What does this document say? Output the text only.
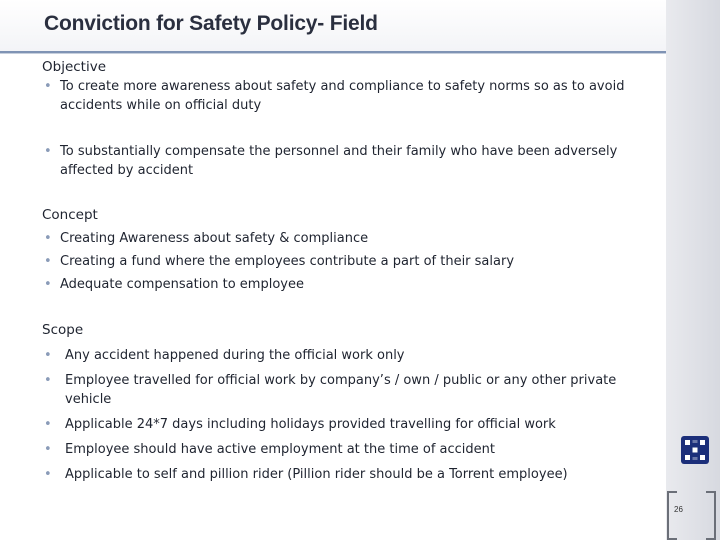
Conviction for Safety Policy- Field
Objective
• To create more awareness about safety and compliance to safety norms so as to avoid accidents while on official duty
• To substantially compensate the personnel and their family who have been adversely affected by accident
Concept
• Creating Awareness about safety & compliance
• Creating a fund where the employees contribute a part of their salary
• Adequate compensation to employee
Scope
• Any accident happened during the official work only
• Employee travelled for official work by company’s / own / public or any other private vehicle
• Applicable 24*7 days including holidays provided travelling for official work
• Employee should have active employment at the time of accident
• Applicable to self and pillion rider (Pillion rider should be a Torrent employee)
26
